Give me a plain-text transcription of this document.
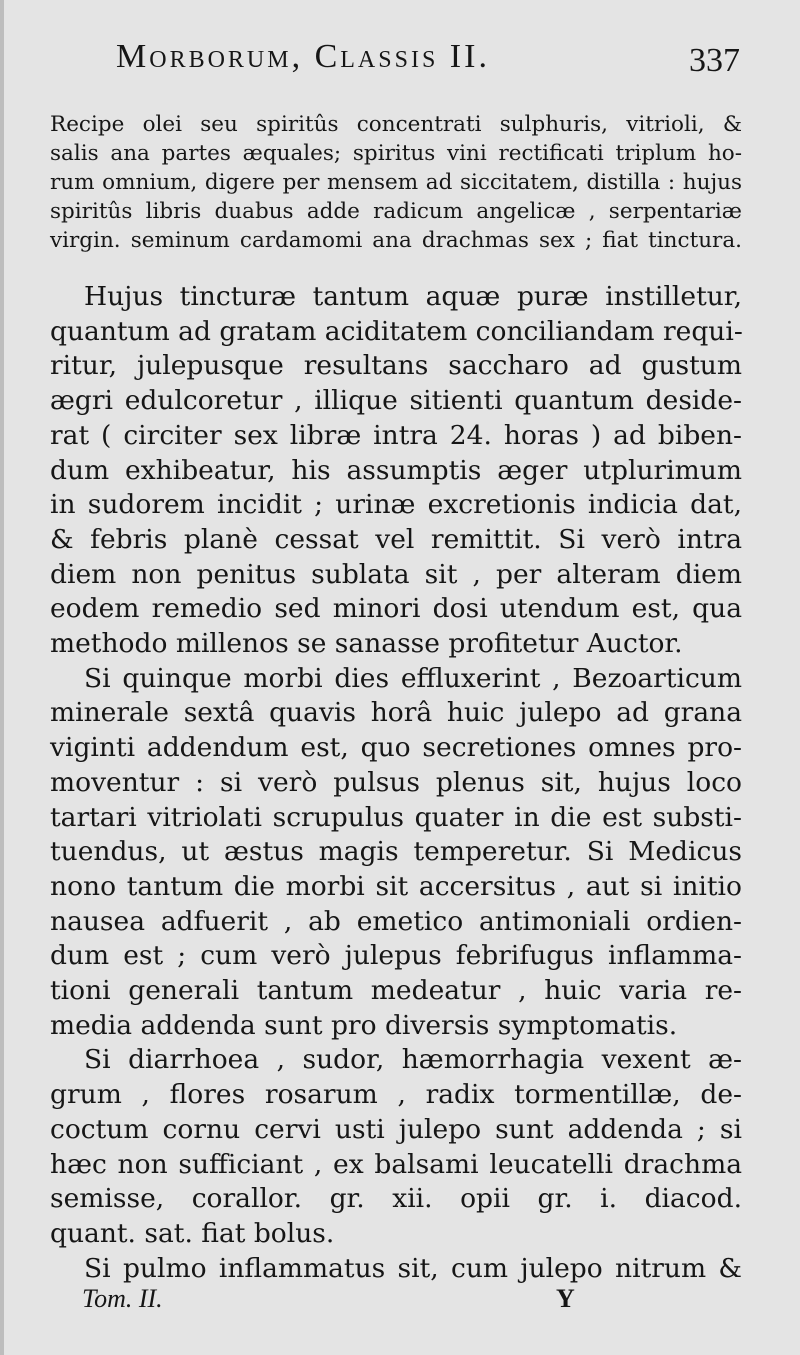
Morborum, Classis II.	337
Recipe olei seu spiritûs concentrati sulphuris, vitrioli, &
salis ana partes æquales; spiritus vini rectificati triplum ho-
rum omnium, digere per mensem ad siccitatem, distilla : hujus
spiritûs libris duabus adde radicum angelicæ , serpentariæ
virgin. seminum cardamomi ana drachmas sex ; fiat tinctura.
Hujus tincturæ tantum aquæ puræ instilletur,
quantum ad gratam aciditatem conciliandam requi-
ritur, julepusque resultans saccharo ad gustum
ægri edulcoretur , illique sitienti quantum deside-
rat ( circiter sex libræ intra 24. horas ) ad biben-
dum exhibeatur, his assumptis æger utplurimum
in sudorem incidit ; urinæ excretionis indicia dat,
& febris planè cessat vel remittit. Si verò intra
diem non penitus sublata sit , per alteram diem
eodem remedio sed minori dosi utendum est, qua
methodo millenos se sanasse profitetur Auctor.
Si quinque morbi dies effluxerint , Bezoarticum
minerale sextâ quavis horâ huic julepo ad grana
viginti addendum est, quo secretiones omnes pro-
moventur : si verò pulsus plenus sit, hujus loco
tartari vitriolati scrupulus quater in die est substi-
tuendus, ut æstus magis temperetur. Si Medicus
nono tantum die morbi sit accersitus , aut si initio
nausea adfuerit , ab emetico antimoniali ordien-
dum est ; cum verò julepus febrifugus inflamma-
tioni generali tantum medeatur , huic varia re-
media addenda sunt pro diversis symptomatis.
Si diarrhoea , sudor, hæmorrhagia vexent æ-
grum , flores rosarum , radix tormentillæ, de-
coctum cornu cervi usti julepo sunt addenda ; si
hæc non sufficiant , ex balsami leucatelli drachma
semisse, corallor. gr. xii. opii gr. i. diacod.
quant. sat. fiat bolus.
Si pulmo inflammatus sit, cum julepo nitrum &
Tom. II.	Y
